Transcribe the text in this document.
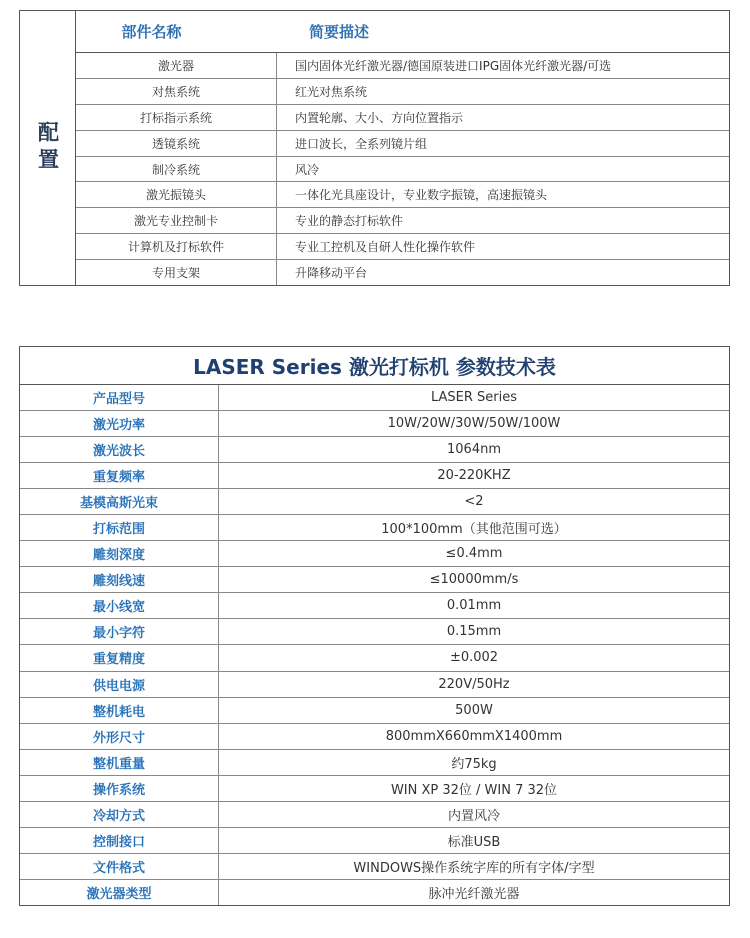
配置
部件名称	简要描述
激光器	国内固体光纤激光器/德国原装进口IPG固体光纤激光器/可选
对焦系统	红光对焦系统
打标指示系统	内置轮廓、大小、方向位置指示
透镜系统	进口波长，全系列镜片组
制冷系统	风冷
激光振镜头	一体化光具座设计，专业数字振镜，高速振镜头
激光专业控制卡	专业的静态打标软件
计算机及打标软件	专业工控机及自研人性化操作软件
专用支架	升降移动平台
LASER Series 激光打标机 参数技术表
产品型号	LASER Series
激光功率	10W/20W/30W/50W/100W
激光波长	1064nm
重复频率	20-220KHZ
基模高斯光束	<2
打标范围	100*100mm（其他范围可选）
雕刻深度	≤0.4mm
雕刻线速	≤10000mm/s
最小线宽	0.01mm
最小字符	0.15mm
重复精度	±0.002
供电电源	220V/50Hz
整机耗电	500W
外形尺寸	800mmX660mmX1400mm
整机重量	约75kg
操作系统	WIN XP 32位 / WIN 7 32位
冷却方式	内置风冷
控制接口	标准USB
文件格式	WINDOWS操作系统字库的所有字体/字型
激光器类型	脉冲光纤激光器
